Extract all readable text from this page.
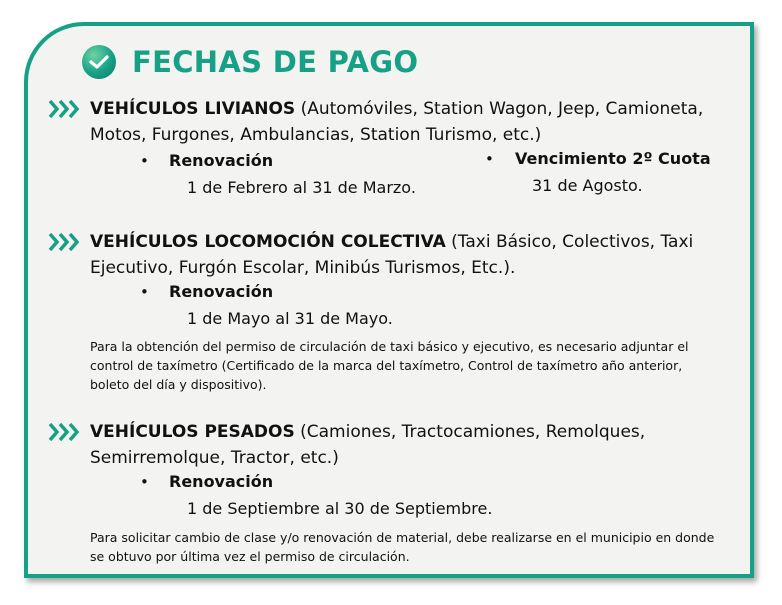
FECHAS DE PAGO
VEHÍCULOS LIVIANOS (Automóviles, Station Wagon, Jeep, Camioneta,
Motos, Furgones, Ambulancias, Station Turismo, etc.)
• Renovación
1 de Febrero al 31 de Marzo.
• Vencimiento 2º Cuota
31 de Agosto.
VEHÍCULOS LOCOMOCIÓN COLECTIVA (Taxi Básico, Colectivos, Taxi
Ejecutivo, Furgón Escolar, Minibús Turismos, Etc.).
• Renovación
1 de Mayo al 31 de Mayo.
Para la obtención del permiso de circulación de taxi básico y ejecutivo, es necesario adjuntar el
control de taxímetro (Certificado de la marca del taxímetro, Control de taxímetro año anterior,
boleto del día y dispositivo).
VEHÍCULOS PESADOS (Camiones, Tractocamiones, Remolques,
Semirremolque, Tractor, etc.)
• Renovación
1 de Septiembre al 30 de Septiembre.
Para solicitar cambio de clase y/o renovación de material, debe realizarse en el municipio en donde
se obtuvo por última vez el permiso de circulación.
